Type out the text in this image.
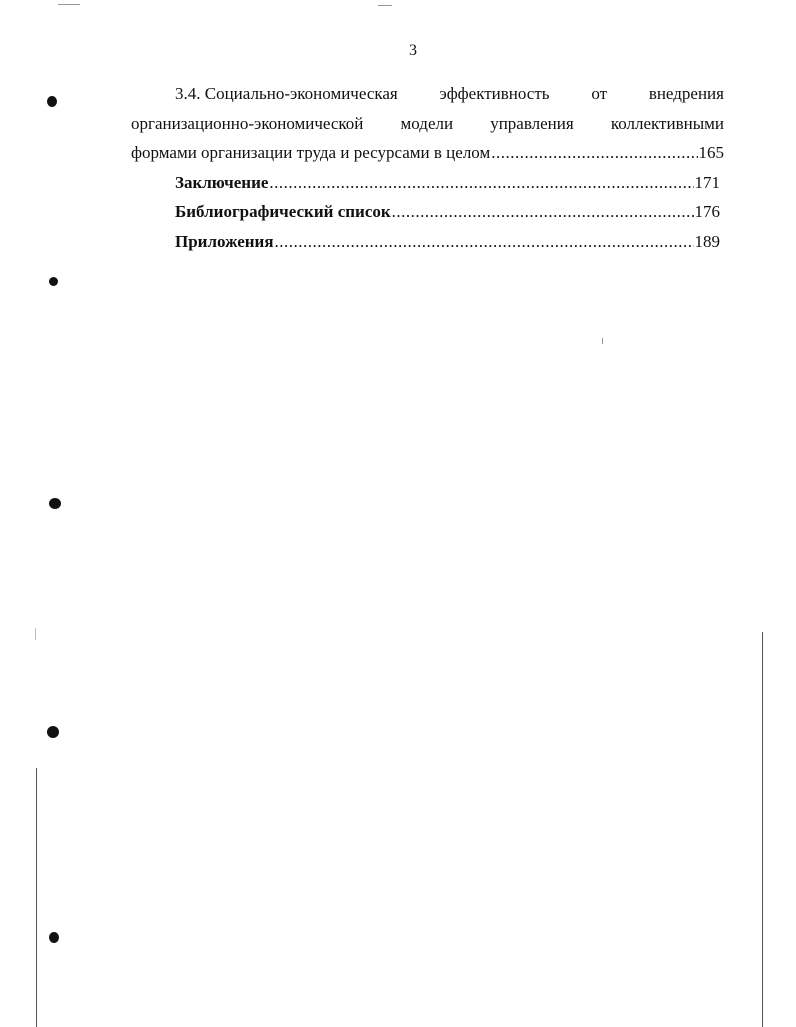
3
3.4. Социально-экономическая эффективность от внедрения
организационно-экономической модели управления коллективными
формами организации труда и ресурсами в целом .....	165
Заключение .....	171
Библиографический список .....	176
Приложения .....	189
